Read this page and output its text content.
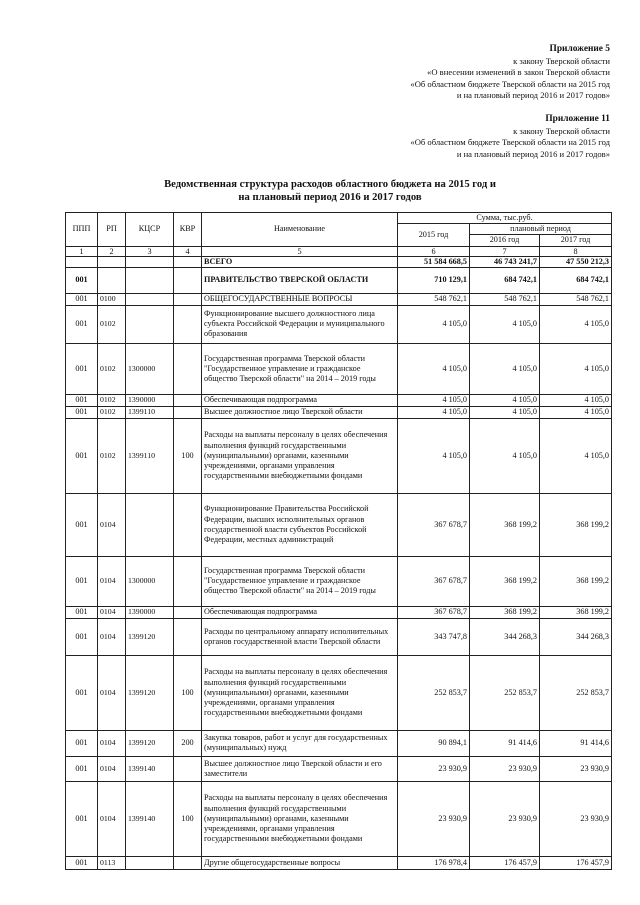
Приложение 5
к закону Тверской области
«О внесении изменений в закон Тверской области
«Об областном бюджете Тверской области на 2015 год
и на плановый период 2016 и 2017 годов»
Приложение 11
к закону Тверской области
«Об областном бюджете Тверской области на 2015 год
и на плановый период 2016 и 2017 годов»
Ведомственная структура расходов областного бюджета на 2015 год и
на плановый период 2016 и 2017 годов
ППП	РП	КЦСР	КВР	Наименование	Сумма, тыс.руб.		
					2015 год	плановый период	
						2016 год	2017 год
1	2	3	4	5	6	7	8
				ВСЕГО	51 584 668,5	46 743 241,7	47 550 212,3
001				ПРАВИТЕЛЬСТВО ТВЕРСКОЙ ОБЛАСТИ	710 129,1	684 742,1	684 742,1
001	0100			ОБЩЕГОСУДАРСТВЕННЫЕ ВОПРОСЫ	548 762,1	548 762,1	548 762,1
001	0102			Функционирование высшего должностного лица субъекта Российской Федерации и муниципального образования	4 105,0	4 105,0	4 105,0
001	0102	1300000		Государственная программа Тверской области "Государственное управление и гражданское общество Тверской области" на 2014 – 2019 годы	4 105,0	4 105,0	4 105,0
001	0102	1390000		Обеспечивающая подпрограмма	4 105,0	4 105,0	4 105,0
001	0102	1399110		Высшее должностное лицо Тверской области	4 105,0	4 105,0	4 105,0
001	0102	1399110	100	Расходы на выплаты персоналу в целях обеспечения выполнения функций государственными (муниципальными) органами, казенными учреждениями, органами управления государственными внебюджетными фондами	4 105,0	4 105,0	4 105,0
001	0104			Функционирование Правительства Российской Федерации, высших исполнительных органов государственной власти субъектов Российской Федерации, местных администраций	367 678,7	368 199,2	368 199,2
001	0104	1300000		Государственная программа Тверской области "Государственное управление и гражданское общество Тверской области" на 2014 – 2019 годы	367 678,7	368 199,2	368 199,2
001	0104	1390000		Обеспечивающая подпрограмма	367 678,7	368 199,2	368 199,2
001	0104	1399120		Расходы по центральному аппарату исполнительных органов государственной власти Тверской области	343 747,8	344 268,3	344 268,3
001	0104	1399120	100	Расходы на выплаты персоналу в целях обеспечения выполнения функций государственными (муниципальными) органами, казенными учреждениями, органами управления государственными внебюджетными фондами	252 853,7	252 853,7	252 853,7
001	0104	1399120	200	Закупка товаров, работ и услуг для государственных (муниципальных) нужд	90 894,1	91 414,6	91 414,6
001	0104	1399140		Высшее должностное лицо Тверской области и его заместители	23 930,9	23 930,9	23 930,9
001	0104	1399140	100	Расходы на выплаты персоналу в целях обеспечения выполнения функций государственными (муниципальными) органами, казенными учреждениями, органами управления государственными внебюджетными фондами	23 930,9	23 930,9	23 930,9
001	0113			Другие общегосударственные вопросы	176 978,4	176 457,9	176 457,9
